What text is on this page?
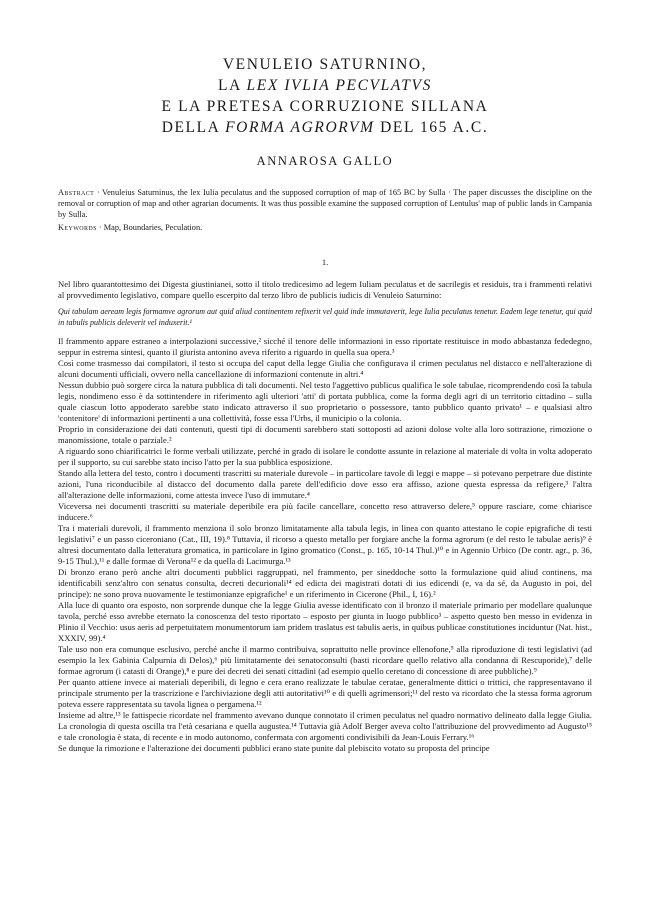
VENULEIO SATURNINO,
LA LEX IVLIA PECVLATVS
E LA PRETESA CORRUZIONE SILLANA
DELLA FORMA AGRORVM DEL 165 A.C.
ANNAROSA GALLO
Abstract · Venuleius Saturninus, the lex Iulia peculatus and the supposed corruption of map of 165 BC by Sulla · The paper discusses the discipline on the removal or corruption of map and other agrarian documents. It was thus possible examine the supposed corruption of Lentulus' map of public lands in Campania by Sulla.
Keywords · Map, Boundaries, Peculation.
1.

Nel libro quarantottesimo dei Digesta giustinianei, sotto il titolo tredicesimo ad legem Iuliam peculatus et de sacrilegis et residuis, tra i frammenti relativi al provvedimento legislativo, compare quello escerpito dal terzo libro de publicis iudicis di Venuleio Saturnino:

Qui tabulam aeream legis formamve agrorum aut quid aliud continentem refixerit vel quid inde immutaverit, lege Iulia peculatus tenetur. Eadem lege tenetur, qui quid in tabulis publicis deleverit vel induxerit.¹

Il frammento appare estraneo a interpolazioni successive,² sicché il tenore delle informazioni in esso riportate restituisce in modo abbastanza fededegno, seppur in estrema sintesi, quanto il giurista antonino aveva riferito a riguardo in quella sua opera.³

Così come trasmesso dai compilatori, il testo si occupa del caput della legge Giulia che configurava il crimen peculatus nel distacco e nell'alterazione di alcuni documenti ufficiali, ovvero nella cancellazione di informazioni contenute in altri.⁴

Nessun dubbio può sorgere circa la natura pubblica di tali documenti. Nel testo l'aggettivo publicus qualifica le sole tabulae, ricomprendendo così la tabula legis, nondimeno esso è da sottintendere in riferimento agli ulteriori 'atti' di portata pubblica, come la forma degli agri di un territorio cittadino – sulla quale ciascun lotto appoderato sarebbe stato indicato attraverso il suo proprietario o possessore, tanto pubblico quanto privato¹ – e qualsiasi altro 'contenitore' di informazioni pertinenti a una collettività, fosse essa l'Urbs, il municipio o la colonia.

Proprio in considerazione dei dati contenuti, questi tipi di documenti sarebbero stati sottoposti ad azioni dolose volte alla loro sottrazione, rimozione o manomissione, totale o parziale.²

A riguardo sono chiarificatrici le forme verbali utilizzate, perché in grado di isolare le condotte assunte in relazione al materiale di volta in volta adoperato per il supporto, su cui sarebbe stato inciso l'atto per la sua pubblica esposizione.

Stando alla lettera del testo, contro i documenti trascritti su materiale durevole – in particolare tavole di leggi e mappe – si potevano perpetrare due distinte azioni, l'una riconducibile al distacco del documento dalla parete dell'edificio dove esso era affisso, azione questa espressa da refigere,³ l'altra all'alterazione delle informazioni, come attesta invece l'uso di immutare.⁴

Viceversa nei documenti trascritti su materiale deperibile era più facile cancellare, concetto reso attraverso delere,⁵ oppure rasciare, come chiarisce inducere.⁶

Tra i materiali durevoli, il frammento menziona il solo bronzo limitatamente alla tabula legis, in linea con quanto attestano le copie epigrafiche di testi legislativi⁷ e un passo ciceroniano (Cat., III, 19).⁸ Tuttavia, il ricorso a questo metallo per forgiare anche la forma agrorum (e del resto le tabulae aeris)⁹ è altresì documentato dalla letteratura gromatica, in particolare in Igino gromatico (Const., p. 165, 10-14 Thul.)¹⁰ e in Agennio Urbico (De contr. agr., p. 36, 9-15 Thul.),¹¹ e dalle formae di Verona¹² e da quella di Lacimurga.¹³

Di bronzo erano però anche altri documenti pubblici raggruppati, nel frammento, per sineddoche sotto la formulazione quid aliud continens, ma identificabili senz'altro con senatus consulta, decreti decurionali¹⁴ ed edicta dei magistrati dotati di ius edicendi (e, va da sé, da Augusto in poi, del principe): ne sono prova nuovamente le testimonianze epigrafiche¹ e un riferimento in Cicerone (Phil., I, 16).²

Alla luce di quanto ora esposto, non sorprende dunque che la legge Giulia avesse identificato con il bronzo il materiale primario per modellare qualunque tavola, perché esso avrebbe eternato la conoscenza del testo riportato – esposto per giunta in luogo pubblico³ – aspetto questo ben messo in evidenza in Plinio il Vecchio: usus aeris ad perpetuitatem monumentorum iam pridem traslatus est tabulis aeris, in quibus publicae constitutiones inciduntur (Nat. hist., XXXIV, 99).⁴

Tale uso non era comunque esclusivo, perché anche il marmo contribuiva, soprattutto nelle province ellenofone,⁵ alla riproduzione di testi legislativi (ad esempio la lex Gabinia Calpurnia di Delos),⁶ più limitatamente dei senatoconsulti (basti ricordare quello relativo alla condanna di Rescuporide),⁷ delle formae agrorum (i catasti di Orange),⁸ e pure dei decreti dei senati cittadini (ad esempio quello ceretano di concessione di aree pubbliche).⁹

Per quanto attiene invece ai materiali deperibili, di legno e cera erano realizzate le tabulae ceratae, generalmente dittici o trittici, che rappresentavano il principale strumento per la trascrizione e l'archiviazione degli atti autoritativi¹⁰ e di quelli agrimensori;¹¹ del resto va ricordato che la stessa forma agrorum poteva essere rappresentata su tavola lignea o pergamena.¹²

Insieme ad altre,¹³ le fattispecie ricordate nel frammento avevano dunque connotato il crimen peculatus nel quadro normativo delineato dalla legge Giulia. La cronologia di questa oscilla tra l'età cesariana e quella augustea.¹⁴ Tuttavia già Adolf Berger aveva colto l'attribuzione del provvedimento ad Augusto¹⁵ e tale cronologia è stata, di recente e in modo autonomo, confermata con argomenti condivisibili da Jean-Louis Ferrary.¹⁶

Se dunque la rimozione e l'alterazione dei documenti pubblici erano state punite dal plebiscito votato su proposta del principe
